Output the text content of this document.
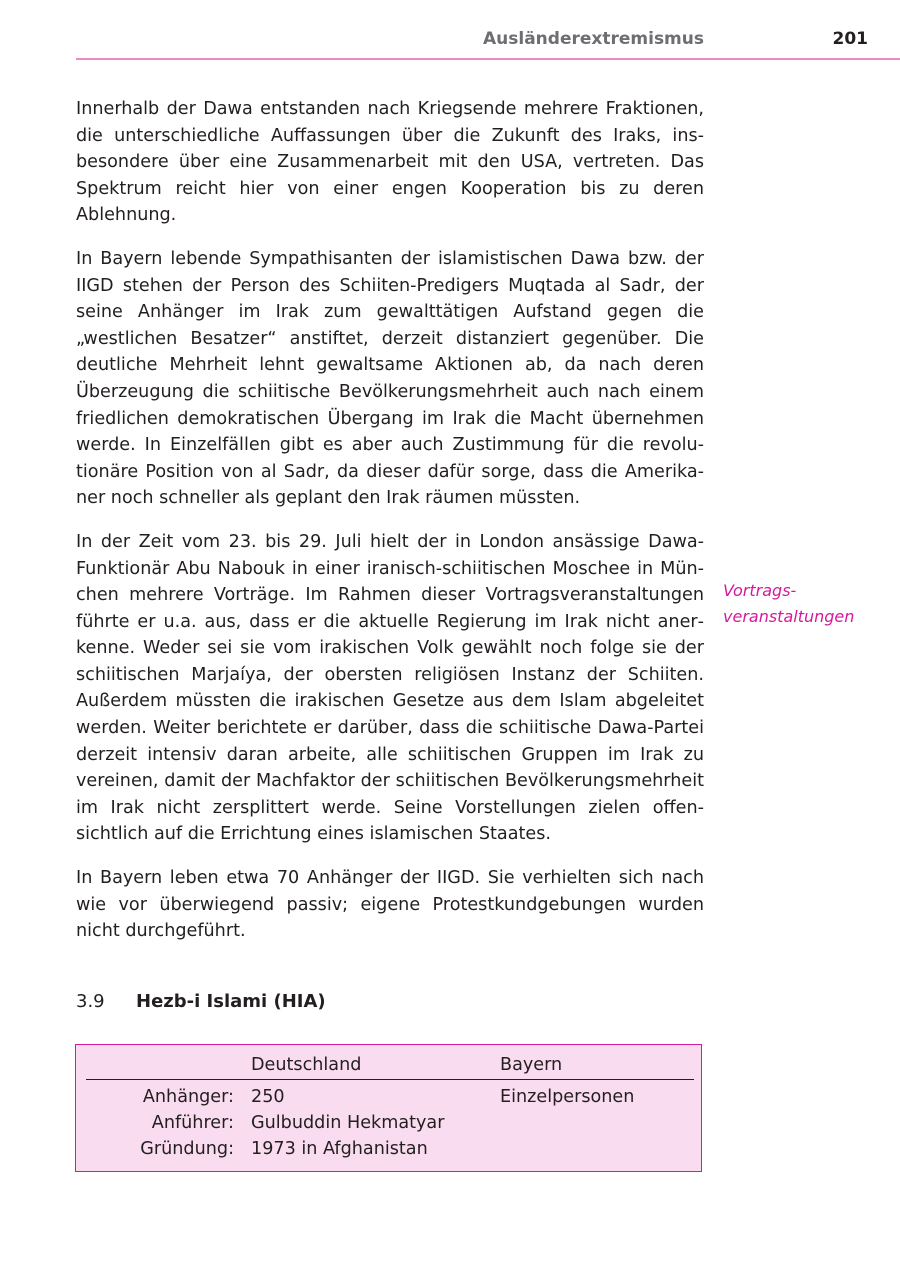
Ausländerextremismus	201

Innerhalb der Dawa entstanden nach Kriegsende mehrere Fraktionen, die unterschiedliche Auffassungen über die Zukunft des Iraks, insbesondere über eine Zusammenarbeit mit den USA, vertreten. Das Spektrum reicht hier von einer engen Kooperation bis zu deren Ablehnung.

In Bayern lebende Sympathisanten der islamistischen Dawa bzw. der IIGD stehen der Person des Schiiten-Predigers Muqtada al Sadr, der seine Anhänger im Irak zum gewalttätigen Aufstand gegen die „westlichen Besatzer“ anstiftet, derzeit distanziert gegenüber. Die deutliche Mehrheit lehnt gewaltsame Aktionen ab, da nach deren Überzeugung die schiitische Bevölkerungsmehrheit auch nach einem friedlichen demokratischen Übergang im Irak die Macht übernehmen werde. In Einzelfällen gibt es aber auch Zustimmung für die revolutionäre Position von al Sadr, da dieser dafür sorge, dass die Amerikaner noch schneller als geplant den Irak räumen müssten.

In der Zeit vom 23. bis 29. Juli hielt der in London ansässige Dawa-Funktionär Abu Nabouk in einer iranisch-schiitischen Moschee in München mehrere Vorträge. Im Rahmen dieser Vortragsveranstaltungen führte er u.a. aus, dass er die aktuelle Regierung im Irak nicht anerkenne. Weder sei sie vom irakischen Volk gewählt noch folge sie der schiitischen Marjaíya, der obersten religiösen Instanz der Schiiten. Außerdem müssten die irakischen Gesetze aus dem Islam abgeleitet werden. Weiter berichtete er darüber, dass die schiitische Dawa-Partei derzeit intensiv daran arbeite, alle schiitischen Gruppen im Irak zu vereinen, damit der Machfaktor der schiitischen Bevölkerungsmehrheit im Irak nicht zersplittert werde. Seine Vorstellungen zielen offensichtlich auf die Errichtung eines islamischen Staates.

In Bayern leben etwa 70 Anhänger der IIGD. Sie verhielten sich nach wie vor überwiegend passiv; eigene Protestkundgebungen wurden nicht durchgeführt.

Vortrags-
veranstaltungen
3.9 Hezb-i Islami (HIA)
Deutschland	Bayern
Anhänger: 250	Einzelpersonen
Anführer: Gulbuddin Hekmatyar
Gründung: 1973 in Afghanistan
